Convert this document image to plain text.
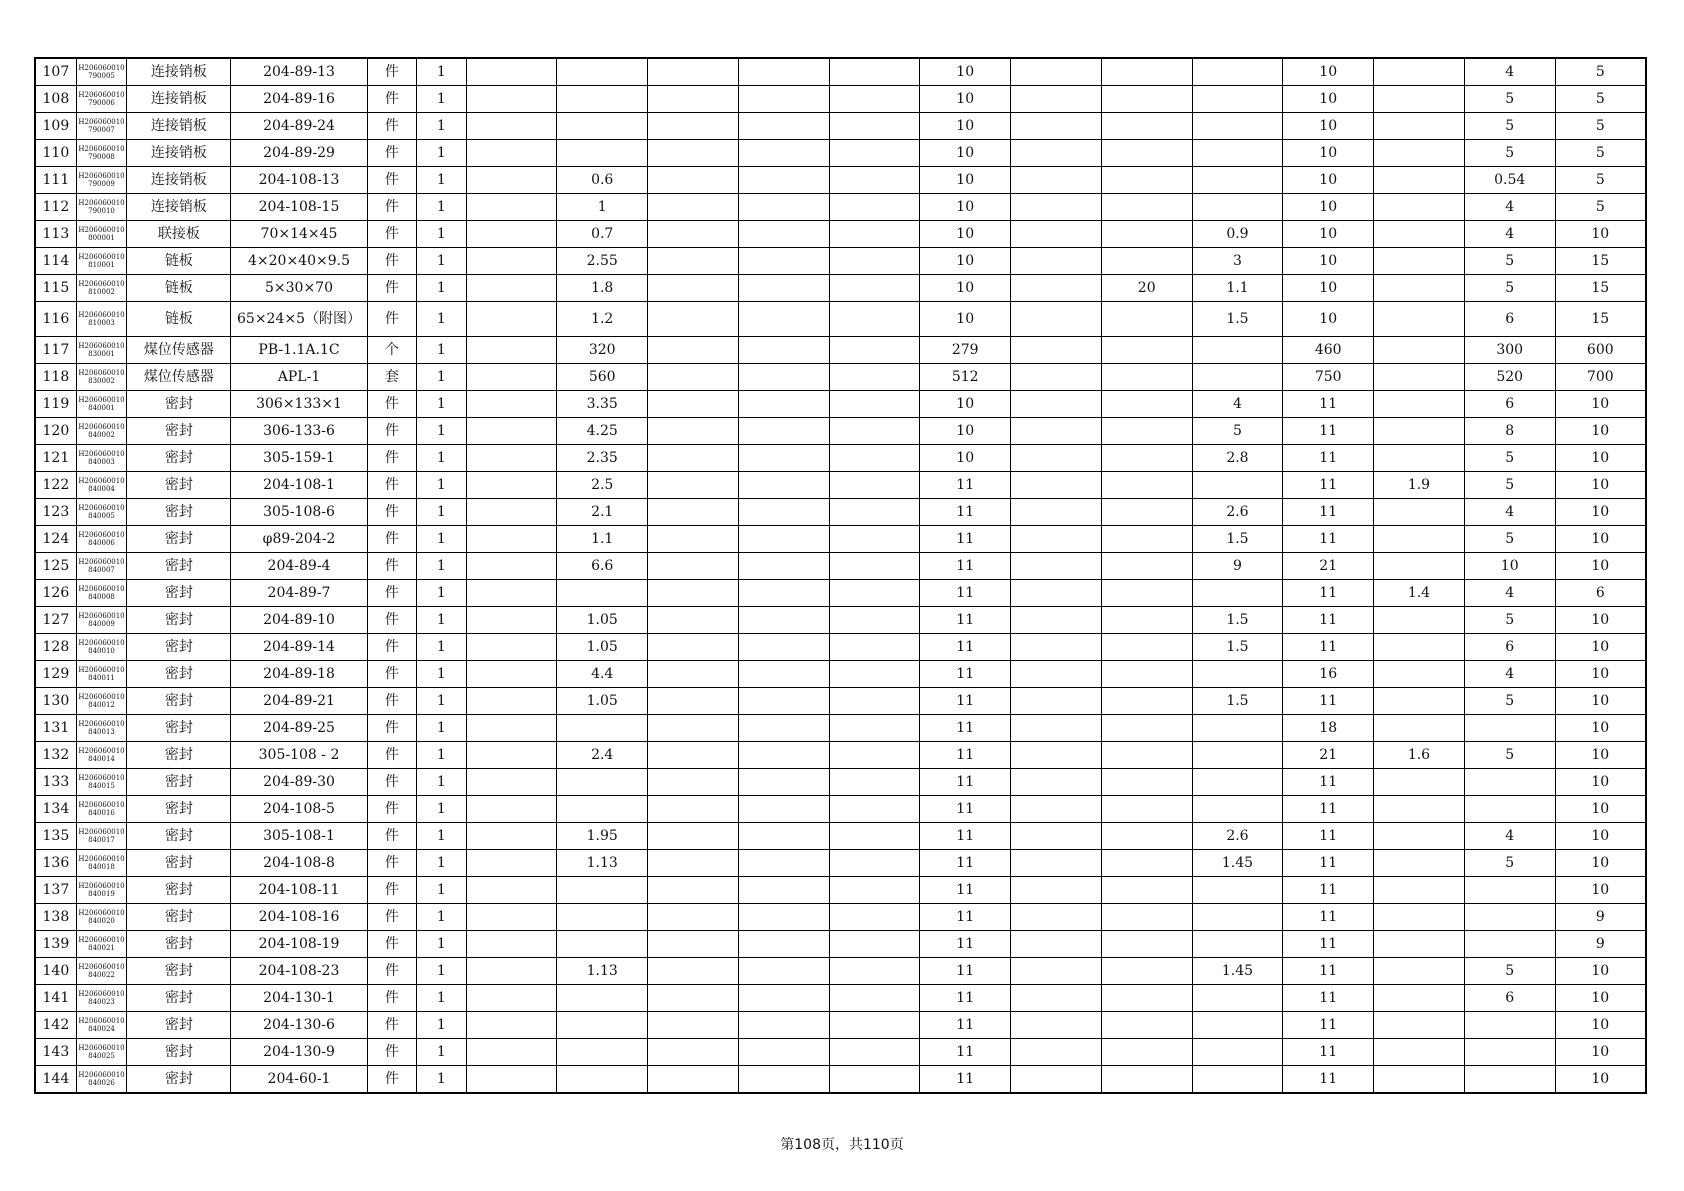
107	H206060010 790005	连接销板	204-89-13	件	1						10				10		4	5
108	H206060010 790006	连接销板	204-89-16	件	1						10				10		5	5
109	H206060010 790007	连接销板	204-89-24	件	1						10				10		5	5
110	H206060010 790008	连接销板	204-89-29	件	1						10				10		5	5
111	H206060010 790009	连接销板	204-108-13	件	1		0.6				10				10		0.54	5
112	H206060010 790010	连接销板	204-108-15	件	1		1				10				10		4	5
113	H206060010 800001	联接板	70×14×45	件	1		0.7				10			0.9	10		4	10
114	H206060010 810001	链板	4×20×40×9.5	件	1		2.55				10			3	10		5	15
115	H206060010 810002	链板	5×30×70	件	1		1.8				10		20	1.1	10		5	15
116	H206060010 810003	链板	65×24×5（附图）	件	1		1.2				10			1.5	10		6	15
117	H206060010 830001	煤位传感器	PB-1.1A.1C	个	1		320				279				460		300	600
118	H206060010 830002	煤位传感器	APL-1	套	1		560				512				750		520	700
119	H206060010 840001	密封	306×133×1	件	1		3.35				10			4	11		6	10
120	H206060010 840002	密封	306-133-6	件	1		4.25				10			5	11		8	10
121	H206060010 840003	密封	305-159-1	件	1		2.35				10			2.8	11		5	10
122	H206060010 840004	密封	204-108-1	件	1		2.5				11				11	1.9	5	10
123	H206060010 840005	密封	305-108-6	件	1		2.1				11			2.6	11		4	10
124	H206060010 840006	密封	φ89-204-2	件	1		1.1				11			1.5	11		5	10
125	H206060010 840007	密封	204-89-4	件	1		6.6				11			9	21		10	10
126	H206060010 840008	密封	204-89-7	件	1						11				11	1.4	4	6
127	H206060010 840009	密封	204-89-10	件	1		1.05				11			1.5	11		5	10
128	H206060010 840010	密封	204-89-14	件	1		1.05				11			1.5	11		6	10
129	H206060010 840011	密封	204-89-18	件	1		4.4				11				16		4	10
130	H206060010 840012	密封	204-89-21	件	1		1.05				11			1.5	11		5	10
131	H206060010 840013	密封	204-89-25	件	1						11				18			10
132	H206060010 840014	密封	305-108 - 2	件	1		2.4				11				21	1.6	5	10
133	H206060010 840015	密封	204-89-30	件	1						11				11			10
134	H206060010 840016	密封	204-108-5	件	1						11				11			10
135	H206060010 840017	密封	305-108-1	件	1		1.95				11			2.6	11		4	10
136	H206060010 840018	密封	204-108-8	件	1		1.13				11			1.45	11		5	10
137	H206060010 840019	密封	204-108-11	件	1						11				11			10
138	H206060010 840020	密封	204-108-16	件	1						11				11			9
139	H206060010 840021	密封	204-108-19	件	1						11				11			9
140	H206060010 840022	密封	204-108-23	件	1		1.13				11			1.45	11		5	10
141	H206060010 840023	密封	204-130-1	件	1						11				11		6	10
142	H206060010 840024	密封	204-130-6	件	1						11				11			10
143	H206060010 840025	密封	204-130-9	件	1						11				11			10
144	H206060010 840026	密封	204-60-1	件	1						11				11			10
第108页，共110页
